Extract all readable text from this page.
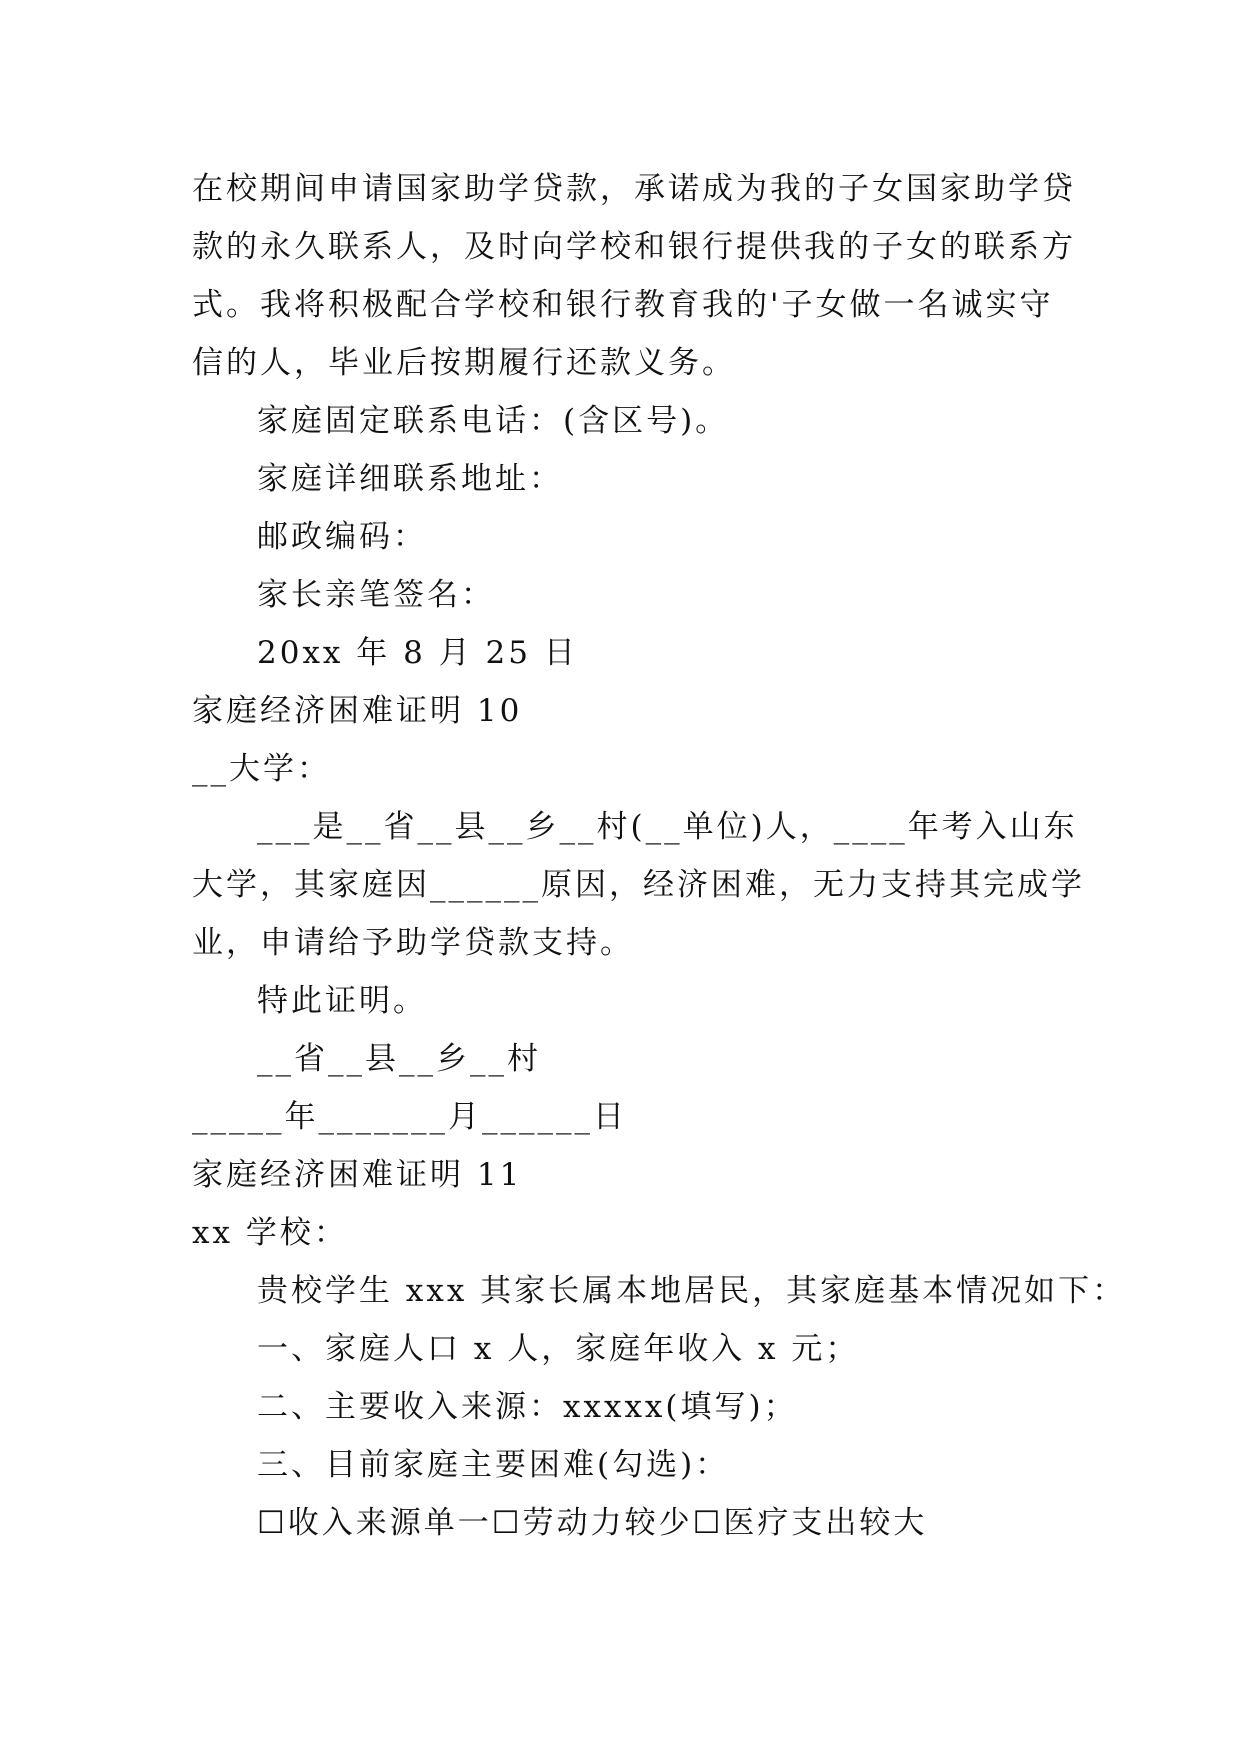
在校期间申请国家助学贷款，承诺成为我的子女国家助学贷
款的永久联系人，及时向学校和银行提供我的子女的联系方
式。我将积极配合学校和银行教育我的'子女做一名诚实守
信的人，毕业后按期履行还款义务。
家庭固定联系电话：(含区号)。
家庭详细联系地址：
邮政编码：
家长亲笔签名：
20xx 年 8 月 25 日
家庭经济困难证明 10
__大学：
___是__省__县__乡__村(__单位)人，____年考入山东
大学，其家庭因______原因，经济困难，无力支持其完成学
业，申请给予助学贷款支持。
特此证明。
__省__县__乡__村
_____年_______月______日
家庭经济困难证明 11
xx 学校：
贵校学生 xxx 其家长属本地居民，其家庭基本情况如下：
一、家庭人口 x 人，家庭年收入 x 元；
二、主要收入来源：xxxxx(填写)；
三、目前家庭主要困难(勾选)：
☐收入来源单一☐劳动力较少☐医疗支出较大
